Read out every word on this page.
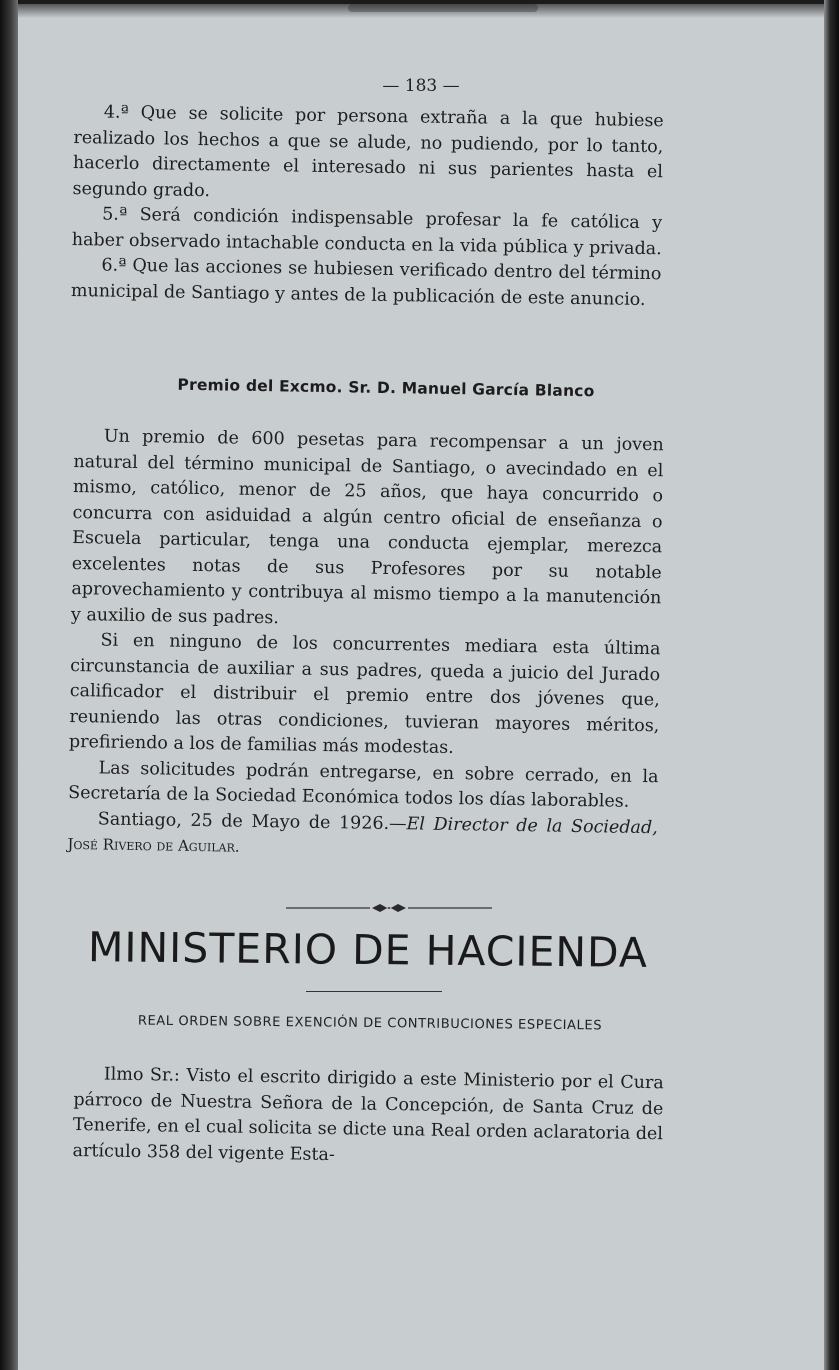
— 183 —

4.ª Que se solicite por persona extraña a la que hubiese realizado los hechos a que se alude, no pudiendo, por lo tanto, hacerlo directamente el interesado ni sus parientes hasta el segundo grado.

5.ª Será condición indispensable profesar la fe católica y haber observado intachable conducta en la vida pública y privada.

6.ª Que las acciones se hubiesen verificado dentro del término municipal de Santiago y antes de la publicación de este anuncio.

Premio del Excmo. Sr. D. Manuel García Blanco

Un premio de 600 pesetas para recompensar a un joven natural del término municipal de Santiago, o avecindado en el mismo, católico, menor de 25 años, que haya concurrido o concurra con asiduidad a algún centro oficial de enseñanza o Escuela particular, tenga una conducta ejemplar, merezca excelentes notas de sus Profesores por su notable aprovechamiento y contribuya al mismo tiempo a la manutención y auxilio de sus padres.

Si en ninguno de los concurrentes mediara esta última circunstancia de auxiliar a sus padres, queda a juicio del Jurado calificador el distribuir el premio entre dos jóvenes que, reuniendo las otras condiciones, tuvieran mayores méritos, prefiriendo a los de familias más modestas.

Las solicitudes podrán entregarse, en sobre cerrado, en la Secretaría de la Sociedad Económica todos los días laborables.

Santiago, 25 de Mayo de 1926.—El Director de la Sociedad, José Rivero de Aguilar.

MINISTERIO DE HACIENDA
REAL ORDEN SOBRE EXENCIÓN DE CONTRIBUCIONES ESPECIALES

Ilmo Sr.: Visto el escrito dirigido a este Ministerio por el Cura párroco de Nuestra Señora de la Concepción, de Santa Cruz de Tenerife, en el cual solicita se dicte una Real orden aclaratoria del artículo 358 del vigente Esta-
